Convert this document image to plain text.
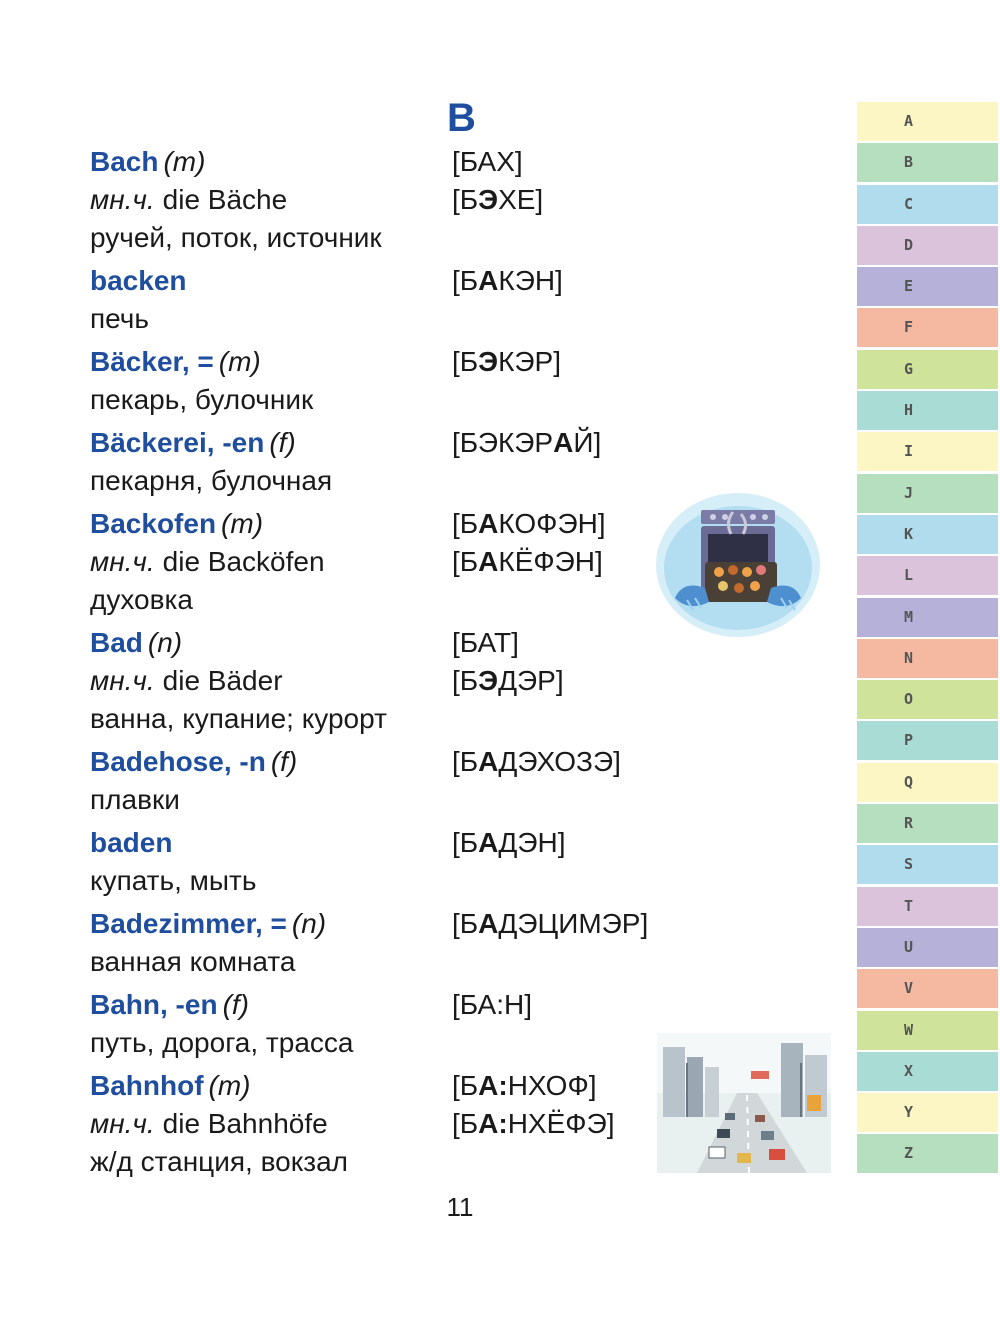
B
Bach (m)	[БАХ]
мн.ч. die Bäche	[БЭХЕ]
ручей, поток, источник
backen	[БАКЭН]
печь
Bäcker, = (m)	[БЭКЭР]
пекарь, булочник
Bäckerei, -en (f)	[БЭКЭРАЙ]
пекарня, булочная
Backofen (m)	[БАКОФЭН]
мн.ч. die Backöfen	[БАКЁФЭН]
духовка
Bad (n)	[БАТ]
мн.ч. die Bäder	[БЭДЭР]
ванна, купание; курорт
Badehose, -n (f)	[БАДЭХОЗЭ]
плавки
baden	[БАДЭН]
купать, мыть
Badezimmer, = (n)	[БАДЭЦИМЭР]
ванная комната
Bahn, -en (f)	[БА:Н]
путь, дорога, трасса
Bahnhof (m)	[БА:НХОФ]
мн.ч. die Bahnhöfe	[БА:НХЁФЭ]
ж/д станция, вокзал
11
A
B
C
D
E
F
G
H
I
J
K
L
M
N
O
P
Q
R
S
T
U
V
W
X
Y
Z
